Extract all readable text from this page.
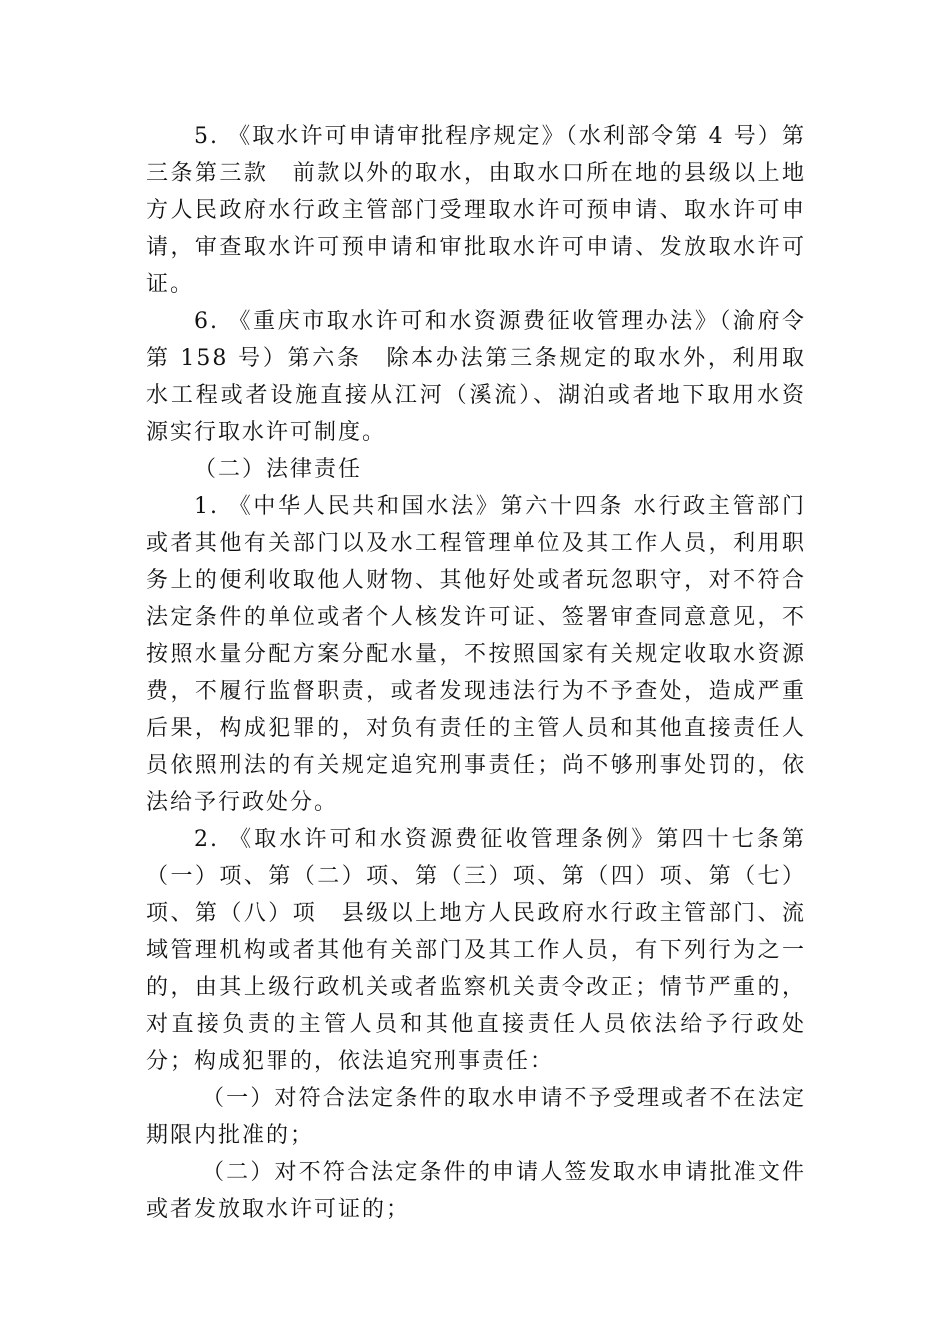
5. 《取水许可申请审批程序规定》（水利部令第 4 号）第三条第三款　前款以外的取水，由取水口所在地的县级以上地方人民政府水行政主管部门受理取水许可预申请、取水许可申请，审查取水许可预申请和审批取水许可申请、发放取水许可证。

6. 《重庆市取水许可和水资源费征收管理办法》（渝府令第 158 号）第六条　除本办法第三条规定的取水外，利用取水工程或者设施直接从江河（溪流）、湖泊或者地下取用水资源实行取水许可制度。

（二）法律责任

1. 《中华人民共和国水法》第六十四条 水行政主管部门或者其他有关部门以及水工程管理单位及其工作人员，利用职务上的便利收取他人财物、其他好处或者玩忽职守，对不符合法定条件的单位或者个人核发许可证、签署审查同意意见，不按照水量分配方案分配水量，不按照国家有关规定收取水资源费，不履行监督职责，或者发现违法行为不予查处，造成严重后果，构成犯罪的，对负有责任的主管人员和其他直接责任人员依照刑法的有关规定追究刑事责任；尚不够刑事处罚的，依法给予行政处分。

2. 《取水许可和水资源费征收管理条例》第四十七条第（一）项、第（二）项、第（三）项、第（四）项、第（七）项、第（八）项　县级以上地方人民政府水行政主管部门、流域管理机构或者其他有关部门及其工作人员，有下列行为之一的，由其上级行政机关或者监察机关责令改正；情节严重的，对直接负责的主管人员和其他直接责任人员依法给予行政处分；构成犯罪的，依法追究刑事责任：

（一）对符合法定条件的取水申请不予受理或者不在法定期限内批准的；

（二）对不符合法定条件的申请人签发取水申请批准文件或者发放取水许可证的；
